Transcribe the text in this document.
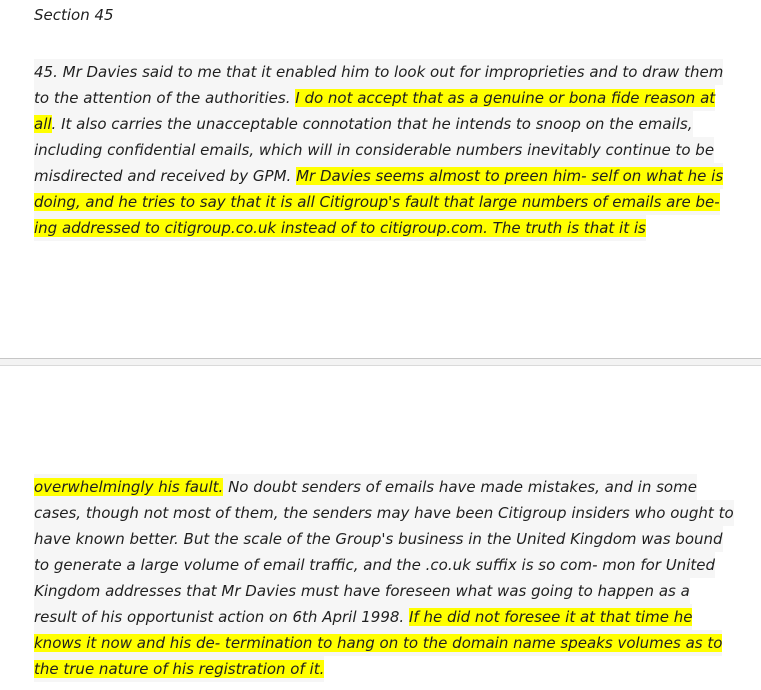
Section 45

45. Mr Davies said to me that it enabled him to look out for improprieties and to draw them

to the attention of the authorities. I do not accept that as a genuine or bona fide reason at

all. It also carries the unacceptable connotation that he intends to snoop on the emails,

including confidential emails, which will in considerable numbers inevitably continue to be

misdirected and received by GPM. Mr Davies seems almost to preen him- self on what he is

doing, and he tries to say that it is all Citigroup's fault that large numbers of emails are be-

ing addressed to citigroup.co.uk instead of to citigroup.com. The truth is that it is

overwhelmingly his fault. No doubt senders of emails have made mistakes, and in some

cases, though not most of them, the senders may have been Citigroup insiders who ought to

have known better. But the scale of the Group's business in the United Kingdom was bound

to generate a large volume of email traffic, and the .co.uk suffix is so com- mon for United

Kingdom addresses that Mr Davies must have foreseen what was going to happen as a

result of his opportunist action on 6th April 1998. If he did not foresee it at that time he

knows it now and his de- termination to hang on to the domain name speaks volumes as to

the true nature of his registration of it.
